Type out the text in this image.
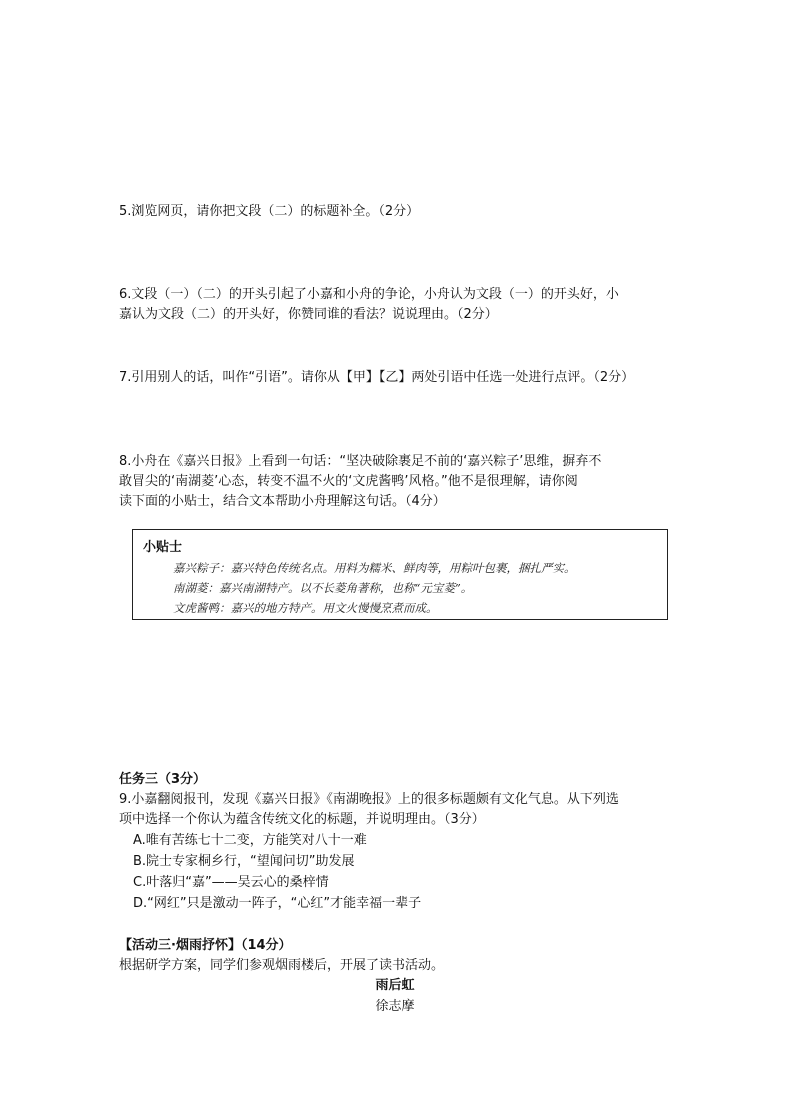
5.浏览网页，请你把文段（二）的标题补全。（2分）
6.文段（一）（二）的开头引起了小嘉和小舟的争论，小舟认为文段（一）的开头好，小
嘉认为文段（二）的开头好，你赞同谁的看法？说说理由。（2分）
7.引用别人的话，叫作“引语”。请你从【甲】【乙】两处引语中任选一处进行点评。（2分）
8.小舟在《嘉兴日报》上看到一句话：“坚决破除裹足不前的‘嘉兴粽子’思维，摒弃不
敢冒尖的‘南湖菱’心态，转变不温不火的‘文虎酱鸭’风格。”他不是很理解，请你阅
读下面的小贴士，结合文本帮助小舟理解这句话。（4分）
小贴士
嘉兴粽子：嘉兴特色传统名点。用料为糯米、鲜肉等，用粽叶包裹，捆扎严实。
南湖菱：嘉兴南湖特产。以不长菱角著称，也称“元宝菱”。
文虎酱鸭：嘉兴的地方特产。用文火慢慢烹煮而成。
任务三（3分）
9.小嘉翻阅报刊，发现《嘉兴日报》《南湖晚报》上的很多标题颇有文化气息。从下列选
项中选择一个你认为蕴含传统文化的标题，并说明理由。（3分）
A.唯有苦练七十二变，方能笑对八十一难
B.院士专家桐乡行，“望闻问切”助发展
C.叶落归“嘉”——吴云心的桑梓情
D.“网红”只是激动一阵子，“心红”才能幸福一辈子
【活动三·烟雨抒怀】（14分）
根据研学方案，同学们参观烟雨楼后，开展了读书活动。
雨后虹
徐志摩
